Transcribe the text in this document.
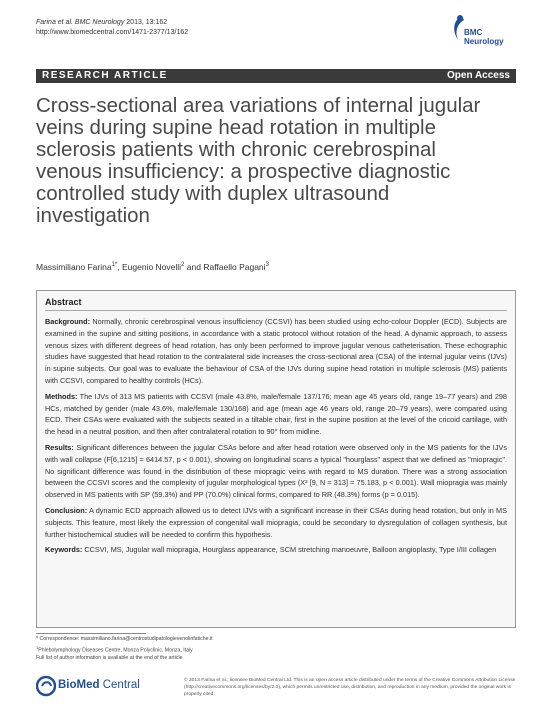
Farina et al. BMC Neurology 2013, 13:162
http://www.biomedcentral.com/1471-2377/13/162	BMC
Neurology
RESEARCH ARTICLE	Open Access
Cross-sectional area variations of internal jugular veins during supine head rotation in multiple sclerosis patients with chronic cerebrospinal venous insufficiency: a prospective diagnostic controlled study with duplex ultrasound investigation
Massimiliano Farina$^{1*}$, Eugenio Novelli$^2$ and Raffaello Pagani$^3$
Abstract

Background: Normally, chronic cerebrospinal venous insufficiency (CCSVI) has been studied using echo-colour Doppler (ECD). Subjects are examined in the supine and sitting positions, in accordance with a static protocol without rotation of the head. A dynamic approach, to assess venous sizes with different degrees of head rotation, has only been performed to improve jugular venous catheterisation. These echographic studies have suggested that head rotation to the contralateral side increases the cross-sectional area (CSA) of the internal jugular veins (IJVs) in supine subjects. Our goal was to evaluate the behaviour of CSA of the IJVs during supine head rotation in multiple sclerosis (MS) patients with CCSVI, compared to healthy controls (HCs).

Methods: The IJVs of 313 MS patients with CCSVI (male 43.8%, male/female 137/176; mean age 45 years old, range 19–77 years) and 298 HCs, matched by gender (male 43.6%, male/female 130/168) and age (mean age 46 years old, range 20–79 years), were compared using ECD. Their CSAs were evaluated with the subjects seated in a tiltable chair, first in the supine position at the level of the cricoid cartilage, with the head in a neutral position, and then after contralateral rotation to 90° from midline.

Results: Significant differences between the jugular CSAs before and after head rotation were observed only in the MS patients for the IJVs with wall collapse (F[6,1215] = 6414.57, p < 0.001), showing on longitudinal scans a typical "hourglass" aspect that we defined as "miopragic". No significant difference was found in the distribution of these miopragic veins with regard to MS duration. There was a strong association between the CCSVI scores and the complexity of jugular morphological types (X² [9, N = 313] = 75.183, p < 0.001). Wall miopragia was mainly observed in MS patients with SP (59.3%) and PP (70.0%) clinical forms, compared to RR (48.3%) forms (p = 0.015).

Conclusion: A dynamic ECD approach allowed us to detect IJVs with a significant increase in their CSAs during head rotation, but only in MS subjects. This feature, most likely the expression of congenital wall miopragia, could be secondary to dysregulation of collagen synthesis, but further histochemical studies will be needed to confirm this hypothesis.

Keywords: CCSVI, MS, Jugular wall miopragia, Hourglass appearance, SCM stretching manoeuvre, Balloon angioplasty, Type I/III collagen

* Correspondence: massimiliano.farina@centrostudipatologievenolinfatiche.it
$^1$Phlebolymphology Diseases Centre, Monza Polyclinic, Monza, Italy
Full list of author information is available at the end of the article
BioMed Central	© 2013 Farina et al.; licensee BioMed Central Ltd. This is an open access article distributed under the terms of the Creative Commons Attribution License (http://creativecommons.org/licenses/by/2.0), which permits unrestricted use, distribution, and reproduction in any medium, provided the original work is properly cited.
